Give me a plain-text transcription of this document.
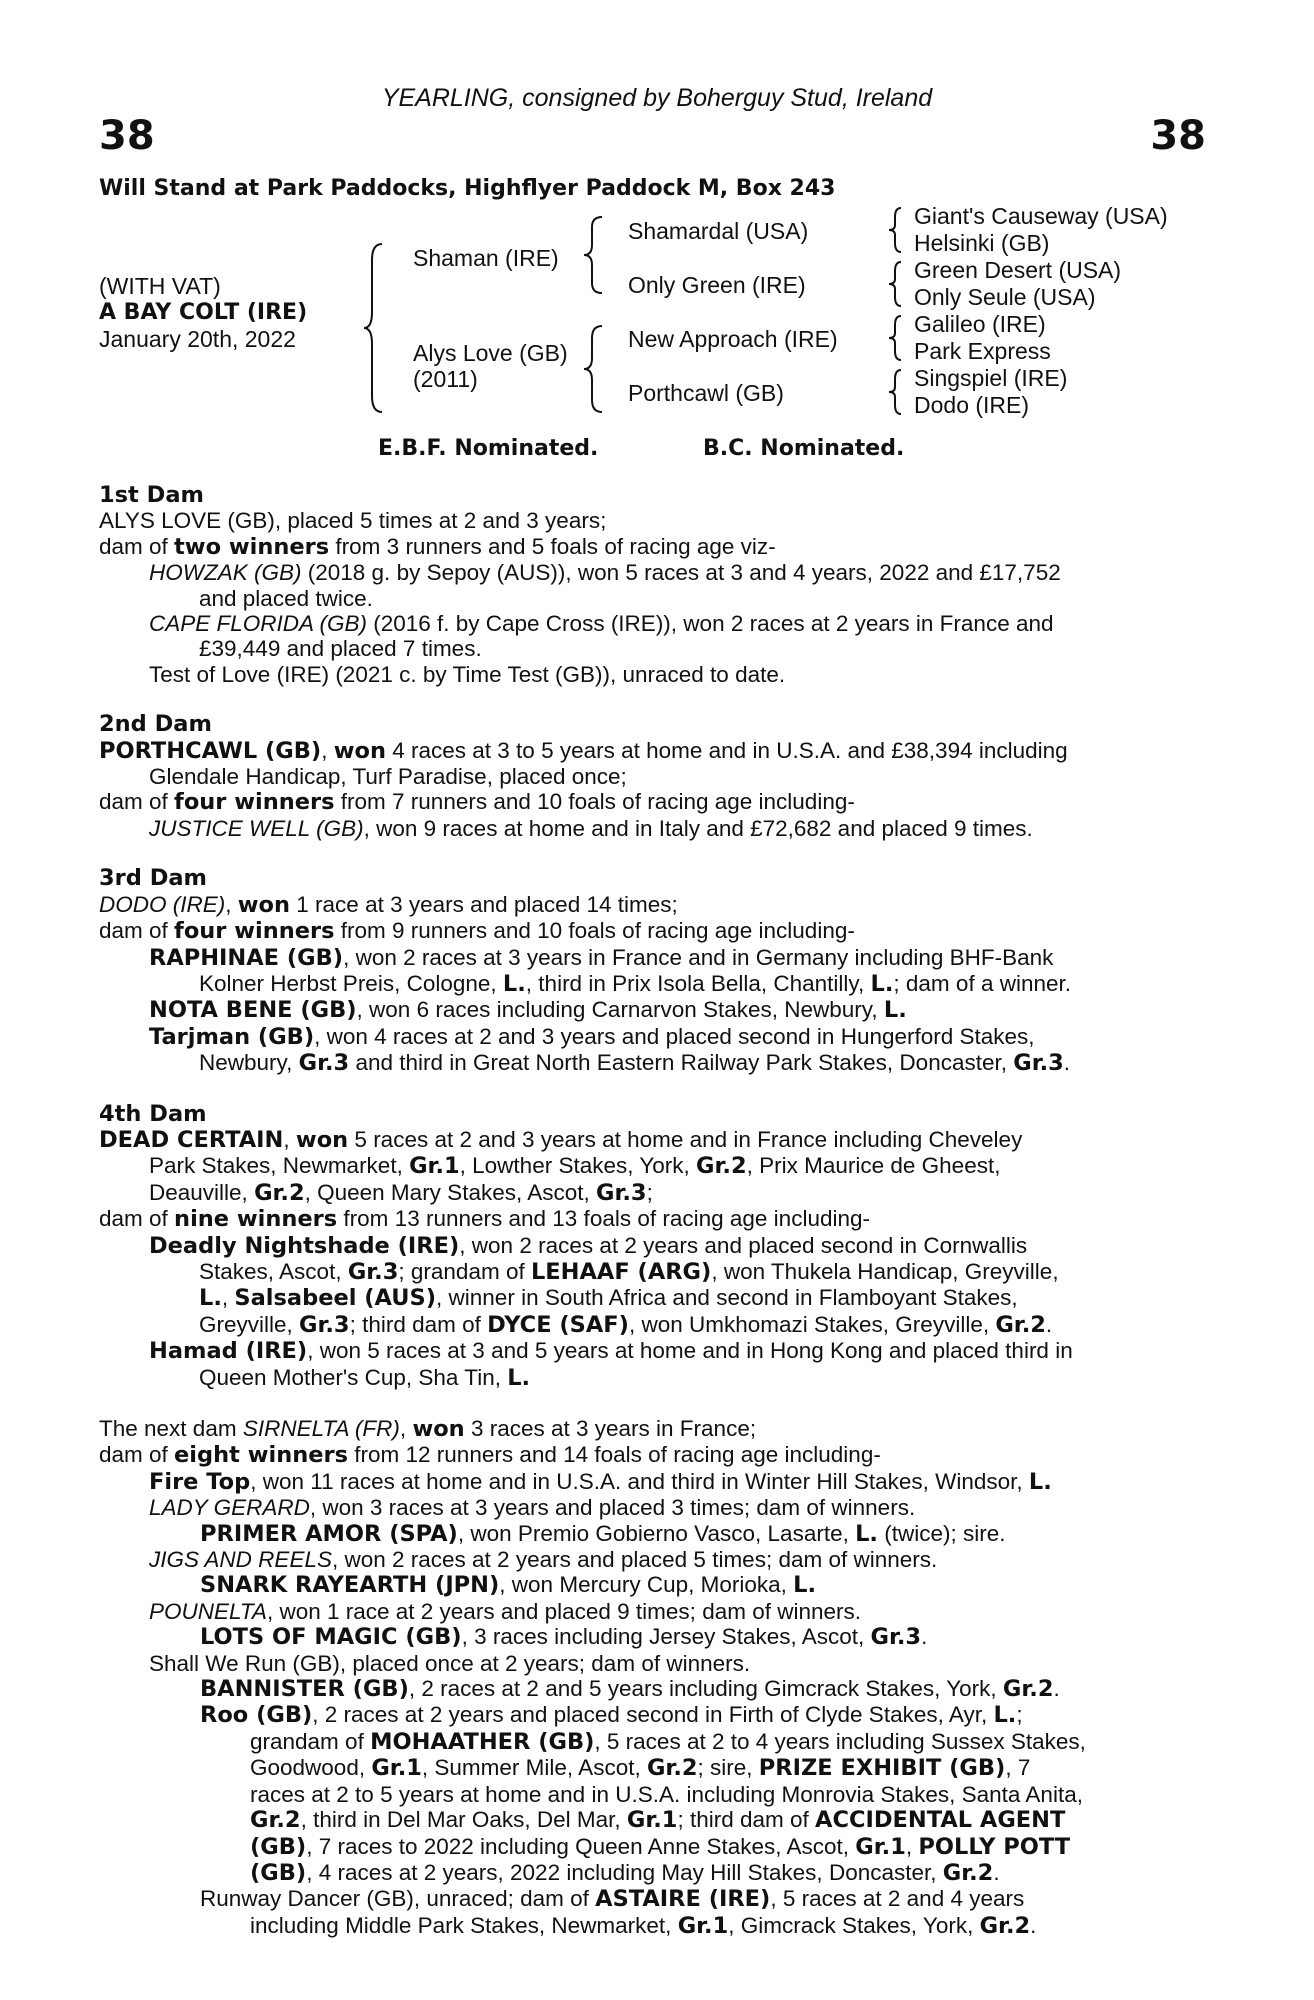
YEARLING, consigned by Boherguy Stud, Ireland
38	38
Will Stand at Park Paddocks, Highflyer Paddock M, Box 243
(WITH VAT)
A BAY COLT (IRE)
January 20th, 2022
Shaman (IRE)
Alys Love (GB)
(2011)
Shamardal (USA)
Only Green (IRE)
New Approach (IRE)
Porthcawl (GB)
Giant's Causeway (USA)
Helsinki (GB)
Green Desert (USA)
Only Seule (USA)
Galileo (IRE)
Park Express
Singspiel (IRE)
Dodo (IRE)
E.B.F. Nominated.	B.C. Nominated.

1st Dam

ALYS LOVE (GB), placed 5 times at 2 and 3 years;

dam of two winners from 3 runners and 5 foals of racing age viz-

HOWZAK (GB) (2018 g. by Sepoy (AUS)), won 5 races at 3 and 4 years, 2022 and £17,752

and placed twice.

CAPE FLORIDA (GB) (2016 f. by Cape Cross (IRE)), won 2 races at 2 years in France and

£39,449 and placed 7 times.

Test of Love (IRE) (2021 c. by Time Test (GB)), unraced to date.

2nd Dam

PORTHCAWL (GB), won 4 races at 3 to 5 years at home and in U.S.A. and £38,394 including

Glendale Handicap, Turf Paradise, placed once;

dam of four winners from 7 runners and 10 foals of racing age including-

JUSTICE WELL (GB), won 9 races at home and in Italy and £72,682 and placed 9 times.

3rd Dam

DODO (IRE), won 1 race at 3 years and placed 14 times;

dam of four winners from 9 runners and 10 foals of racing age including-

RAPHINAE (GB), won 2 races at 3 years in France and in Germany including BHF-Bank

Kolner Herbst Preis, Cologne, L., third in Prix Isola Bella, Chantilly, L.; dam of a winner.

NOTA BENE (GB), won 6 races including Carnarvon Stakes, Newbury, L.

Tarjman (GB), won 4 races at 2 and 3 years and placed second in Hungerford Stakes,

Newbury, Gr.3 and third in Great North Eastern Railway Park Stakes, Doncaster, Gr.3.

4th Dam

DEAD CERTAIN, won 5 races at 2 and 3 years at home and in France including Cheveley

Park Stakes, Newmarket, Gr.1, Lowther Stakes, York, Gr.2, Prix Maurice de Gheest,

Deauville, Gr.2, Queen Mary Stakes, Ascot, Gr.3;

dam of nine winners from 13 runners and 13 foals of racing age including-

Deadly Nightshade (IRE), won 2 races at 2 years and placed second in Cornwallis

Stakes, Ascot, Gr.3; grandam of LEHAAF (ARG), won Thukela Handicap, Greyville,

L., Salsabeel (AUS), winner in South Africa and second in Flamboyant Stakes,

Greyville, Gr.3; third dam of DYCE (SAF), won Umkhomazi Stakes, Greyville, Gr.2.

Hamad (IRE), won 5 races at 3 and 5 years at home and in Hong Kong and placed third in

Queen Mother's Cup, Sha Tin, L.

The next dam SIRNELTA (FR), won 3 races at 3 years in France;

dam of eight winners from 12 runners and 14 foals of racing age including-

Fire Top, won 11 races at home and in U.S.A. and third in Winter Hill Stakes, Windsor, L.

LADY GERARD, won 3 races at 3 years and placed 3 times; dam of winners.

PRIMER AMOR (SPA), won Premio Gobierno Vasco, Lasarte, L. (twice); sire.

JIGS AND REELS, won 2 races at 2 years and placed 5 times; dam of winners.

SNARK RAYEARTH (JPN), won Mercury Cup, Morioka, L.

POUNELTA, won 1 race at 2 years and placed 9 times; dam of winners.

LOTS OF MAGIC (GB), 3 races including Jersey Stakes, Ascot, Gr.3.

Shall We Run (GB), placed once at 2 years; dam of winners.

BANNISTER (GB), 2 races at 2 and 5 years including Gimcrack Stakes, York, Gr.2.

Roo (GB), 2 races at 2 years and placed second in Firth of Clyde Stakes, Ayr, L.;

grandam of MOHAATHER (GB), 5 races at 2 to 4 years including Sussex Stakes,

Goodwood, Gr.1, Summer Mile, Ascot, Gr.2; sire, PRIZE EXHIBIT (GB), 7

races at 2 to 5 years at home and in U.S.A. including Monrovia Stakes, Santa Anita,

Gr.2, third in Del Mar Oaks, Del Mar, Gr.1; third dam of ACCIDENTAL AGENT

(GB), 7 races to 2022 including Queen Anne Stakes, Ascot, Gr.1, POLLY POTT

(GB), 4 races at 2 years, 2022 including May Hill Stakes, Doncaster, Gr.2.

Runway Dancer (GB), unraced; dam of ASTAIRE (IRE), 5 races at 2 and 4 years

including Middle Park Stakes, Newmarket, Gr.1, Gimcrack Stakes, York, Gr.2.
